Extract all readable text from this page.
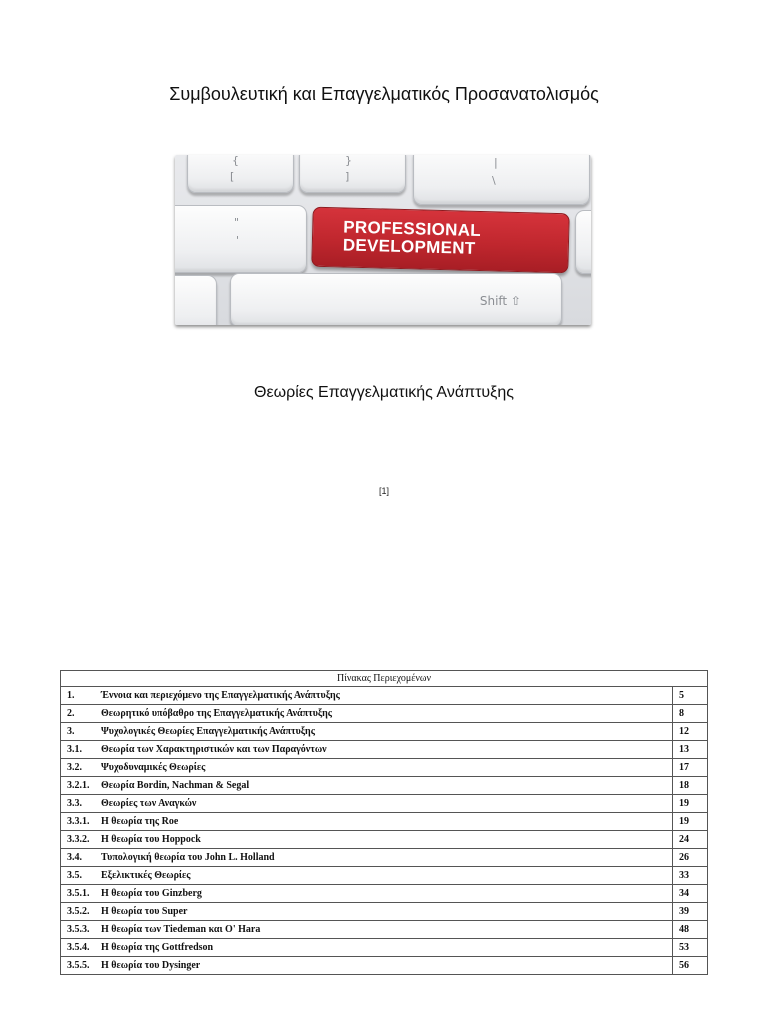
Συμβουλευτική και Επαγγελματικός Προσανατολισμός
{
[
}
]
|
\
"
'
PROFESSIONAL
DEVELOPMENT
Shift ⇧
Θεωρίες Επαγγελματικής Ανάπτυξης
[1]
Πίνακας Περιεχομένων	
1. Έννοια και περιεχόμενο της Επαγγελματικής Ανάπτυξης	5
2. Θεωρητικό υπόβαθρο της Επαγγελματικής Ανάπτυξης	8
3. Ψυχολογικές Θεωρίες Επαγγελματικής Ανάπτυξης	12
3.1. Θεωρία των Χαρακτηριστικών και των Παραγόντων	13
3.2. Ψυχοδυναμικές Θεωρίες	17
3.2.1. Θεωρία Bordin, Nachman & Segal	18
3.3. Θεωρίες των Αναγκών	19
3.3.1. Η θεωρία της Roe	19
3.3.2. Η θεωρία του Hoppock	24
3.4. Τυπολογική θεωρία του John L. Holland	26
3.5. Εξελικτικές Θεωρίες	33
3.5.1. Η θεωρία του Ginzberg	34
3.5.2. Η θεωρία του Super	39
3.5.3. Η θεωρία των Tiedeman και O' Hara	48
3.5.4. Η θεωρία της Gottfredson	53
3.5.5. Η θεωρία του Dysinger	56
